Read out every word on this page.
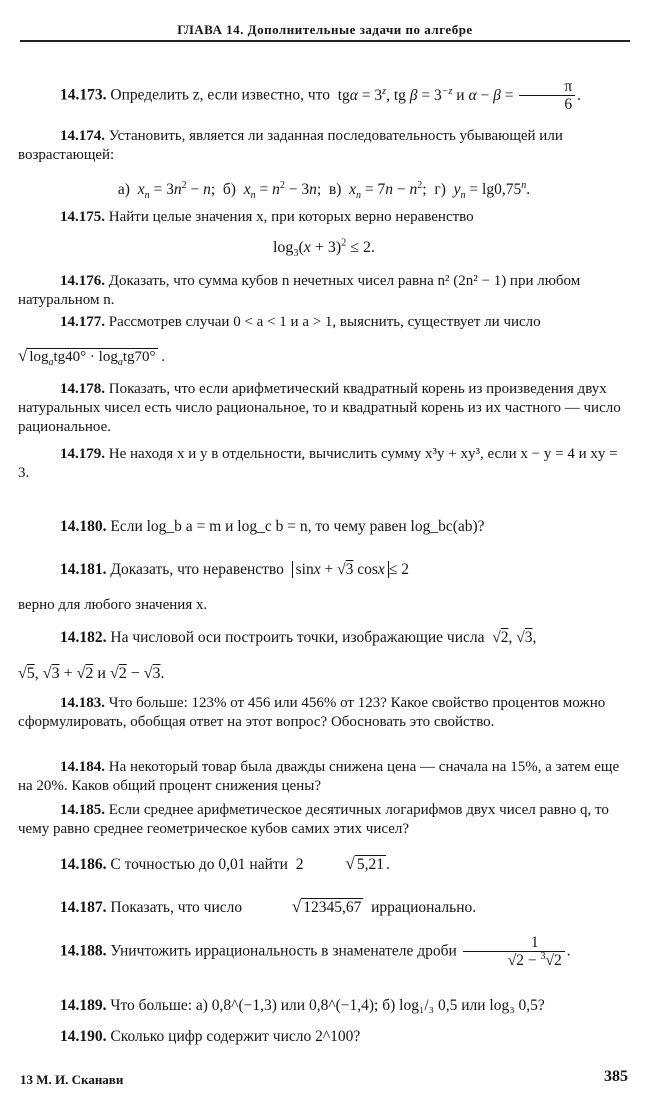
ГЛАВА 14. Дополнительные задачи по алгебре
14.173. Определить z, если известно, что  $tg\alpha = 3^z$, tg $\beta = 3^{-z}$ и $\alpha - \beta = \frac{\pi}{6}$ .
14.174. Установить, является ли заданная последовательность убывающей или возрастающей:
а)  $x_n = 3n^2 - n$;  б)  $x_n = n^2 - 3n$;  в)  $x_n = 7n - n^2$;  г)  $y_n = \lg 0,75^n$.
14.175. Найти целые значения x, при которых верно неравенство
$\log_3(x + 3)^2 \le 2$.
14.176. Доказать, что сумма кубов n нечетных чисел равна n² (2n² − 1) при любом натуральном n.
14.177. Рассмотрев случаи 0 < a < 1 и a > 1, выяснить, существует ли число
√ $\log_atg40^\circ \cdot \log_atg70^\circ$ .
14.178. Показать, что если арифметический квадратный корень из произведения двух натуральных чисел есть число рациональное, то и квадратный корень из их частного — число рациональное.
14.179. Не находя x и y в отдельности, вычислить сумму x³y + xy³, если x − y = 4 и xy = 3.
14.180. Если log_b a = m и log_c b = n, то чему равен log_bc(ab)?
14.181. Доказать, что неравенство sinx + √3 cosx ≤ 2
верно для любого значения x.
14.182. На числовой оси построить точки, изображающие числа  √2, √3,
√5, √3 + √2 и √2 − √3.
14.183. Что больше: 123% от 456 или 456% от 123? Какое свойство процентов можно сформулировать, обобщая ответ на этот вопрос? Обосновать это свойство.
14.184. На некоторый товар была дважды снижена цена — сначала на 15%, а затем еще на 20%. Каков общий процент снижения цены?
14.185. Если среднее арифметическое десятичных логарифмов двух чисел равно q, то чему равно среднее геометрическое кубов самих этих чисел?
14.186. С точностью до 0,01 найти  2 √ 5,21 .
14.187. Показать, что число	√ 12345,67 иррационально.
14.188. Уничтожить иррациональность в знаменателе дроби $\frac{1}{√2 - ^3√2}$ .
14.189. Что больше: а) 0,8^(−1,3) или 0,8^(−1,4); б) log₁/₃ 0,5 или log₃ 0,5?
14.190. Сколько цифр содержит число 2^100?
13 М. И. Сканави	385
